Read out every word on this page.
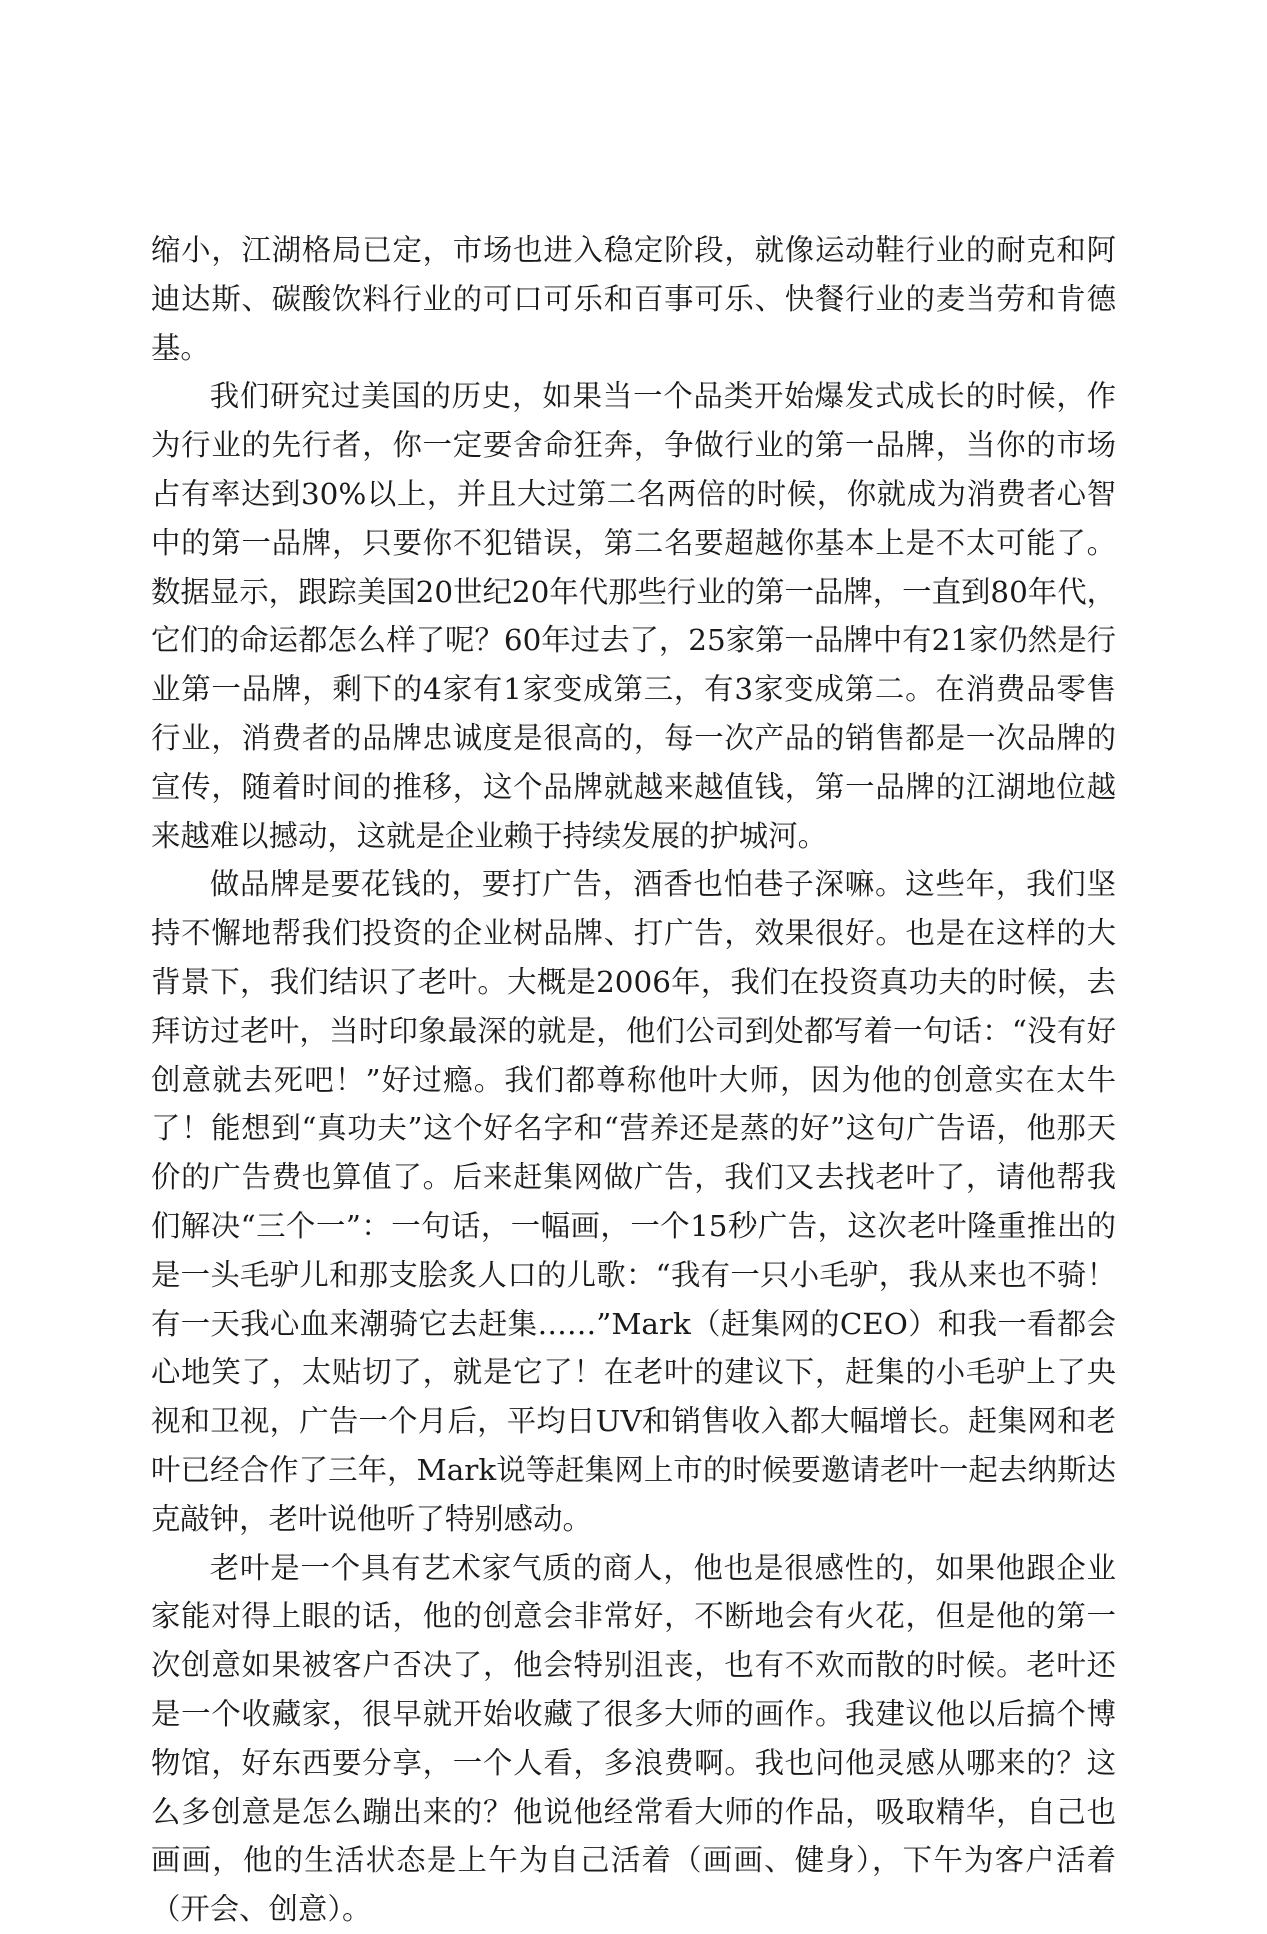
缩小，江湖格局已定，市场也进入稳定阶段，就像运动鞋行业的耐克和阿迪达斯、碳酸饮料行业的可口可乐和百事可乐、快餐行业的麦当劳和肯德基。

我们研究过美国的历史，如果当一个品类开始爆发式成长的时候，作为行业的先行者，你一定要舍命狂奔，争做行业的第一品牌，当你的市场占有率达到30%以上，并且大过第二名两倍的时候，你就成为消费者心智中的第一品牌，只要你不犯错误，第二名要超越你基本上是不太可能了。数据显示，跟踪美国20世纪20年代那些行业的第一品牌，一直到80年代，它们的命运都怎么样了呢？60年过去了，25家第一品牌中有21家仍然是行业第一品牌，剩下的4家有1家变成第三，有3家变成第二。在消费品零售行业，消费者的品牌忠诚度是很高的，每一次产品的销售都是一次品牌的宣传，随着时间的推移，这个品牌就越来越值钱，第一品牌的江湖地位越来越难以撼动，这就是企业赖于持续发展的护城河。

做品牌是要花钱的，要打广告，酒香也怕巷子深嘛。这些年，我们坚持不懈地帮我们投资的企业树品牌、打广告，效果很好。也是在这样的大背景下，我们结识了老叶。大概是2006年，我们在投资真功夫的时候，去拜访过老叶，当时印象最深的就是，他们公司到处都写着一句话：“没有好创意就去死吧！”好过瘾。我们都尊称他叶大师，因为他的创意实在太牛了！能想到“真功夫”这个好名字和“营养还是蒸的好”这句广告语，他那天价的广告费也算值了。后来赶集网做广告，我们又去找老叶了，请他帮我们解决“三个一”：一句话，一幅画，一个15秒广告，这次老叶隆重推出的是一头毛驴儿和那支脍炙人口的儿歌：“我有一只小毛驴，我从来也不骑！有一天我心血来潮骑它去赶集……”Mark（赶集网的CEO）和我一看都会心地笑了，太贴切了，就是它了！在老叶的建议下，赶集的小毛驴上了央视和卫视，广告一个月后，平均日UV和销售收入都大幅增长。赶集网和老叶已经合作了三年，Mark说等赶集网上市的时候要邀请老叶一起去纳斯达克敲钟，老叶说他听了特别感动。

老叶是一个具有艺术家气质的商人，他也是很感性的，如果他跟企业家能对得上眼的话，他的创意会非常好，不断地会有火花，但是他的第一次创意如果被客户否决了，他会特别沮丧，也有不欢而散的时候。老叶还是一个收藏家，很早就开始收藏了很多大师的画作。我建议他以后搞个博物馆，好东西要分享，一个人看，多浪费啊。我也问他灵感从哪来的？这么多创意是怎么蹦出来的？他说他经常看大师的作品，吸取精华，自己也画画，他的生活状态是上午为自己活着（画画、健身），下午为客户活着（开会、创意）。
